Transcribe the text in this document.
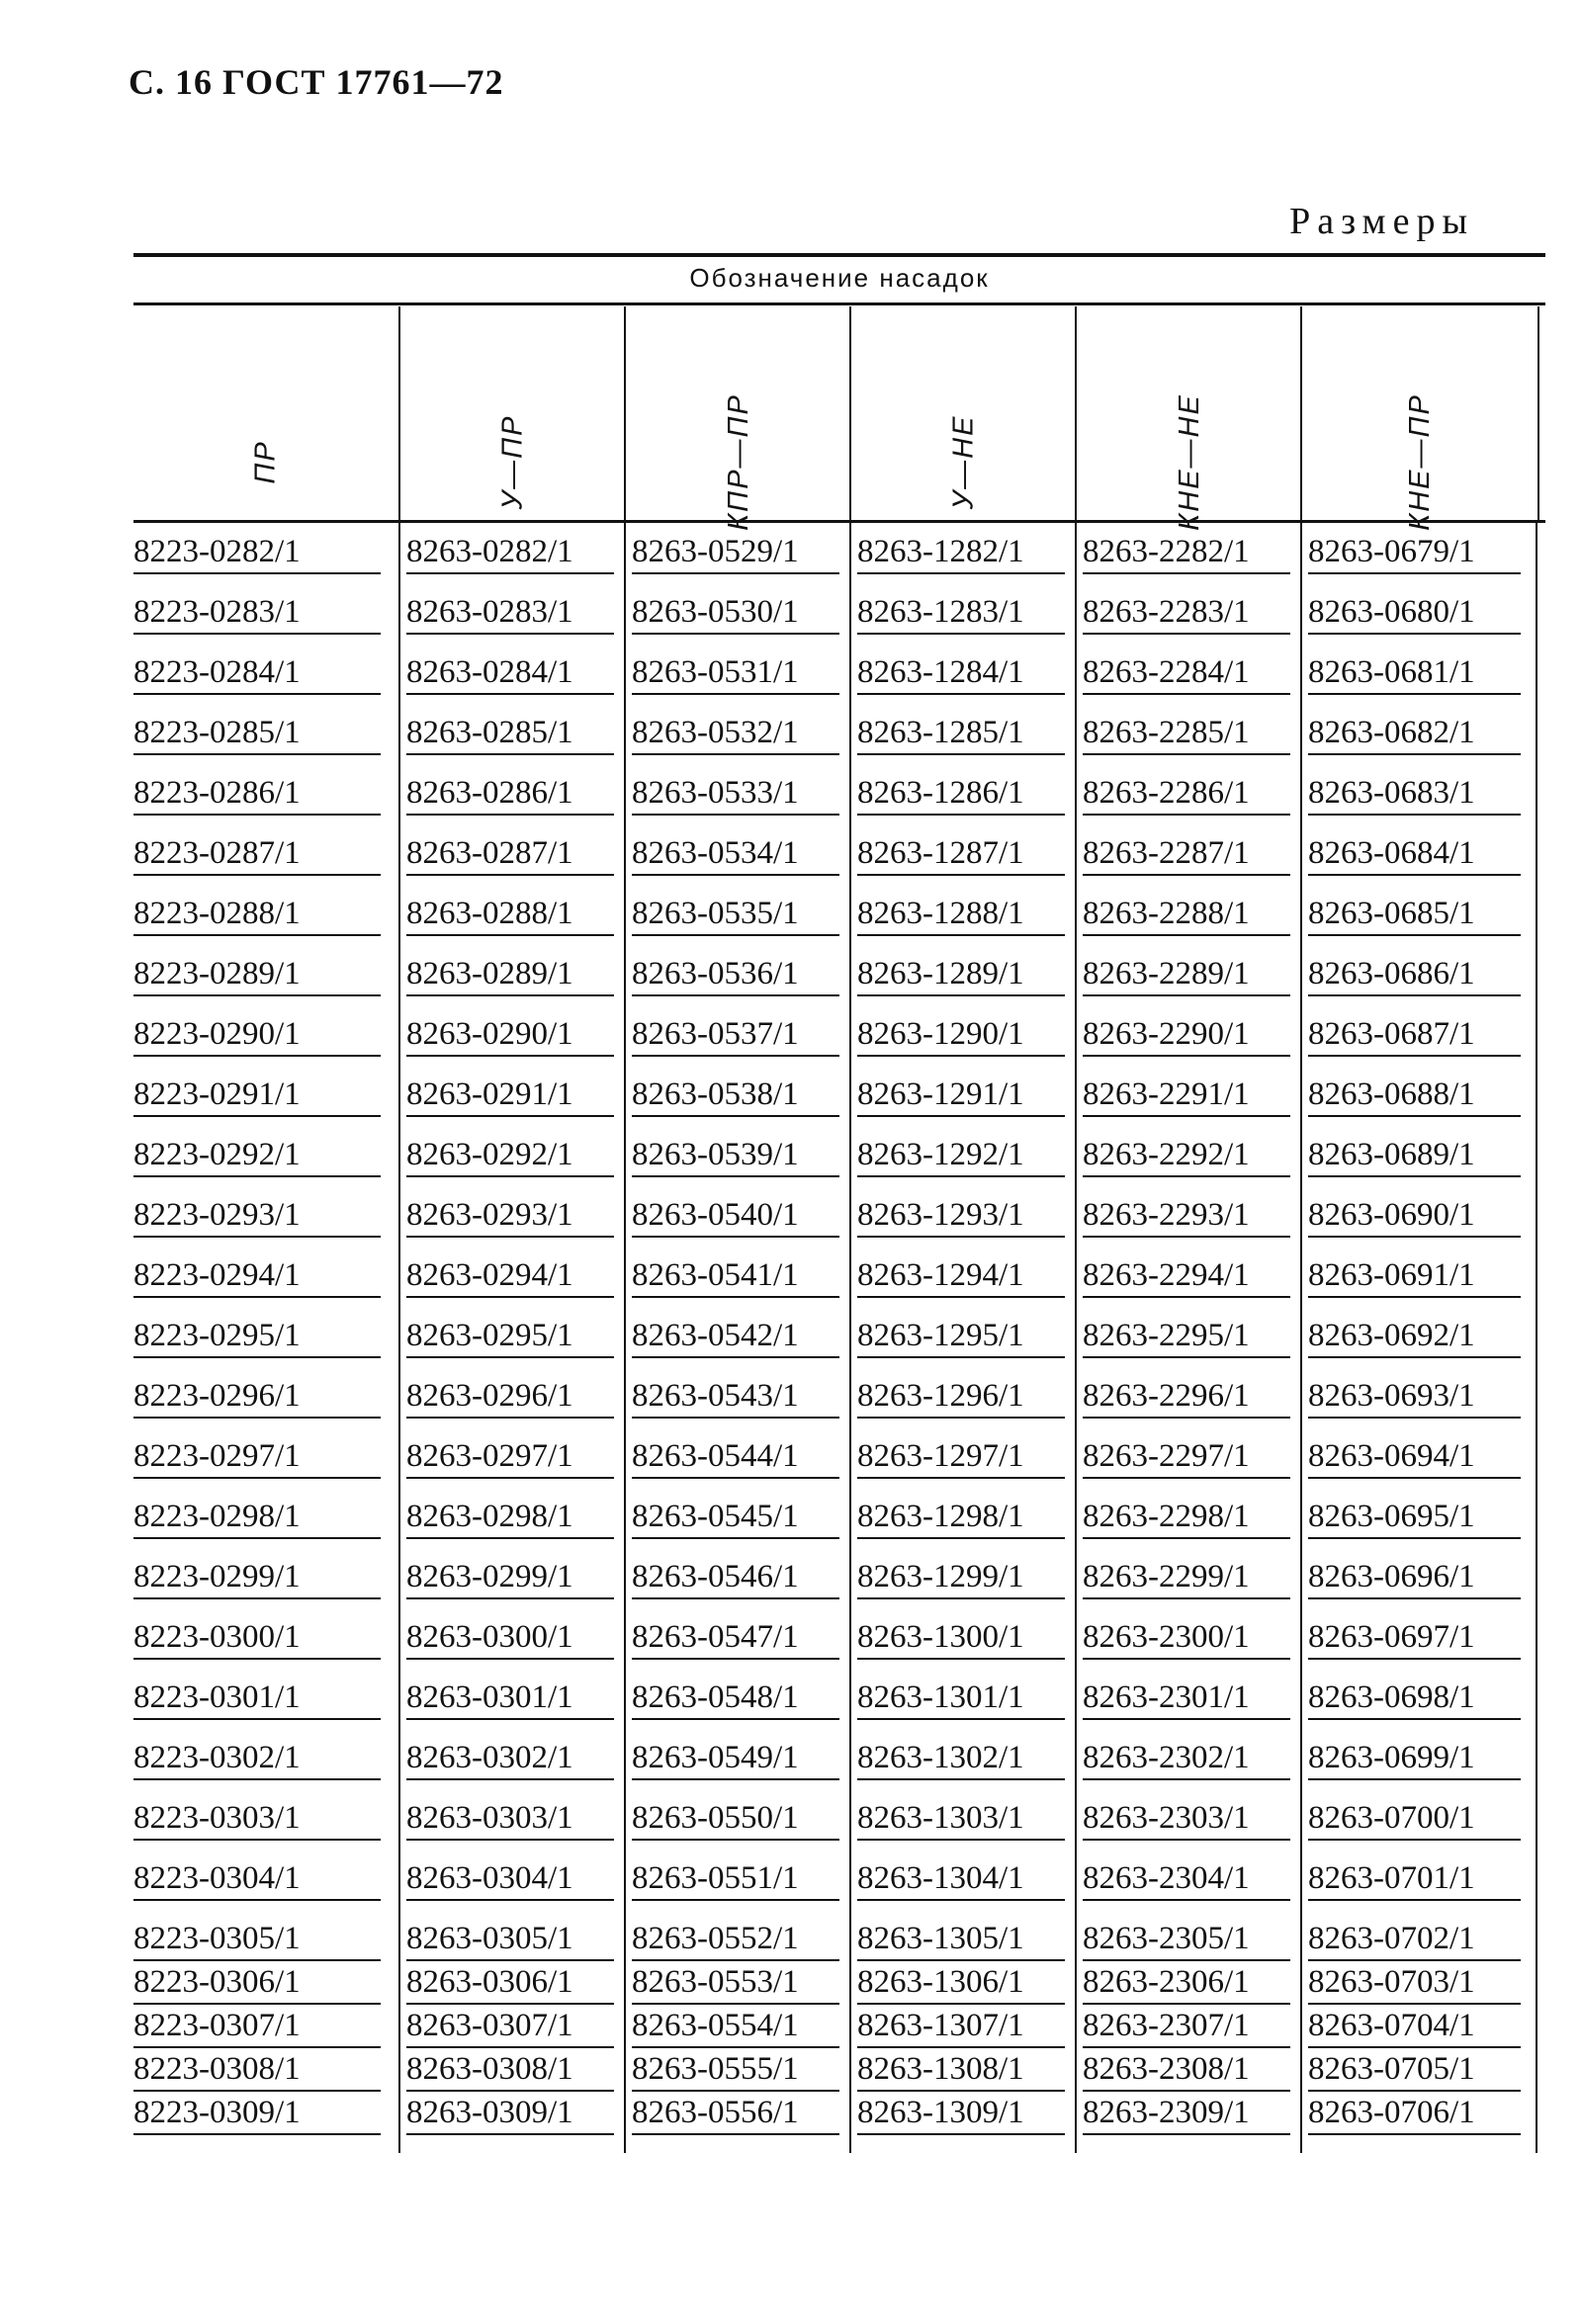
С. 16 ГОСТ 17761—72
Размеры
Обозначение насадок
ПР	У—ПР	КПР—ПР	У—НЕ	КНЕ—НЕ	КНЕ—ПР
8223-0282/1	8263-0282/1	8263-0529/1	8263-1282/1	8263-2282/1	8263-0679/1
8223-0283/1	8263-0283/1	8263-0530/1	8263-1283/1	8263-2283/1	8263-0680/1
8223-0284/1	8263-0284/1	8263-0531/1	8263-1284/1	8263-2284/1	8263-0681/1
8223-0285/1	8263-0285/1	8263-0532/1	8263-1285/1	8263-2285/1	8263-0682/1
8223-0286/1	8263-0286/1	8263-0533/1	8263-1286/1	8263-2286/1	8263-0683/1
8223-0287/1	8263-0287/1	8263-0534/1	8263-1287/1	8263-2287/1	8263-0684/1
8223-0288/1	8263-0288/1	8263-0535/1	8263-1288/1	8263-2288/1	8263-0685/1
8223-0289/1	8263-0289/1	8263-0536/1	8263-1289/1	8263-2289/1	8263-0686/1
8223-0290/1	8263-0290/1	8263-0537/1	8263-1290/1	8263-2290/1	8263-0687/1
8223-0291/1	8263-0291/1	8263-0538/1	8263-1291/1	8263-2291/1	8263-0688/1
8223-0292/1	8263-0292/1	8263-0539/1	8263-1292/1	8263-2292/1	8263-0689/1
8223-0293/1	8263-0293/1	8263-0540/1	8263-1293/1	8263-2293/1	8263-0690/1
8223-0294/1	8263-0294/1	8263-0541/1	8263-1294/1	8263-2294/1	8263-0691/1
8223-0295/1	8263-0295/1	8263-0542/1	8263-1295/1	8263-2295/1	8263-0692/1
8223-0296/1	8263-0296/1	8263-0543/1	8263-1296/1	8263-2296/1	8263-0693/1
8223-0297/1	8263-0297/1	8263-0544/1	8263-1297/1	8263-2297/1	8263-0694/1
8223-0298/1	8263-0298/1	8263-0545/1	8263-1298/1	8263-2298/1	8263-0695/1
8223-0299/1	8263-0299/1	8263-0546/1	8263-1299/1	8263-2299/1	8263-0696/1
8223-0300/1	8263-0300/1	8263-0547/1	8263-1300/1	8263-2300/1	8263-0697/1
8223-0301/1	8263-0301/1	8263-0548/1	8263-1301/1	8263-2301/1	8263-0698/1
8223-0302/1	8263-0302/1	8263-0549/1	8263-1302/1	8263-2302/1	8263-0699/1
8223-0303/1	8263-0303/1	8263-0550/1	8263-1303/1	8263-2303/1	8263-0700/1
8223-0304/1	8263-0304/1	8263-0551/1	8263-1304/1	8263-2304/1	8263-0701/1
8223-0305/1	8263-0305/1	8263-0552/1	8263-1305/1	8263-2305/1	8263-0702/1
8223-0306/1	8263-0306/1	8263-0553/1	8263-1306/1	8263-2306/1	8263-0703/1
8223-0307/1	8263-0307/1	8263-0554/1	8263-1307/1	8263-2307/1	8263-0704/1
8223-0308/1	8263-0308/1	8263-0555/1	8263-1308/1	8263-2308/1	8263-0705/1
8223-0309/1	8263-0309/1	8263-0556/1	8263-1309/1	8263-2309/1	8263-0706/1
